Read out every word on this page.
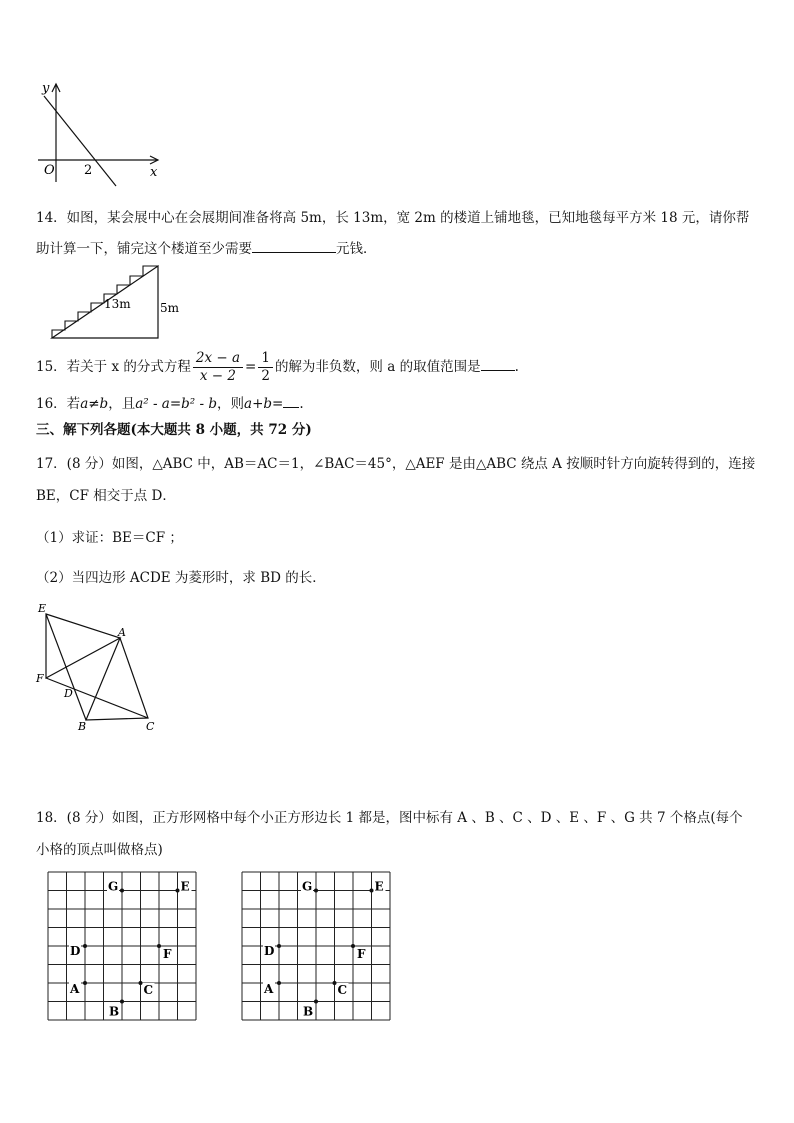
y
x
O 2
14．如图，某会展中心在会展期间准备将高 5m，长 13m，宽 2m 的楼道上铺地毯，已知地毯每平方米 18 元，请你帮
助计算一下，铺完这个楼道至少需要	元钱．
13m 5m
15．若关于 x 的分式方程 $\frac{2x - a}{x - 2} = \frac{1}{2}$ 的解为非负数，则 a 的取值范围是	.
16．若a≠b，且a² - a=b² - b，则a+b= .
三、解下列各题(本大题共 8 小题，共 72 分)
17．(8 分）如图，△ABC 中，AB＝AC＝1，∠BAC＝45°，△AEF 是由△ABC 绕点 A 按顺时针方向旋转得到的，连接
BE，CF 相交于点 D．
（1）求证：BE＝CF ；
（2）当四边形 ACDE 为菱形时，求 BD 的长．
E
A
F
D
B	C
18．(8 分）如图，正方形网格中每个小正方形边长 1 都是，图中标有 A 、B 、C 、D 、E 、F 、G 共 7 个格点(每个
小格的顶点叫做格点)
G	E
D	F
A	C
B
G	E
D	F
A	C
B
